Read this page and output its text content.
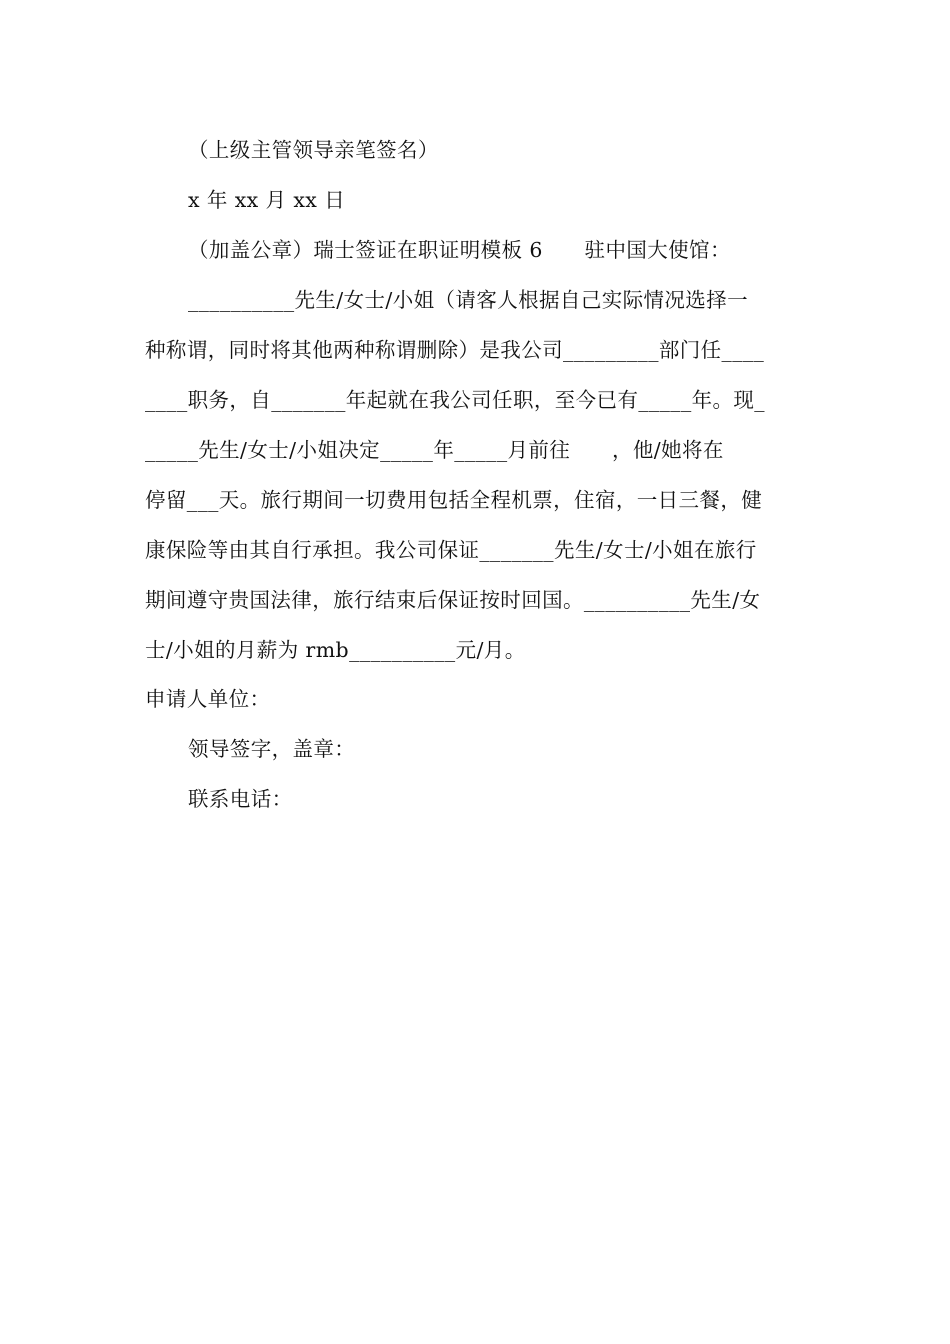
（上级主管领导亲笔签名）
x 年 xx 月 xx 日
（加盖公章）瑞士签证在职证明模板 6　　驻中国大使馆：
__________先生/女士/小姐（请客人根据自己实际情况选择一
种称谓，同时将其他两种称谓删除）是我公司_________部门任____
____职务，自_______年起就在我公司任职，至今已有_____年。现_
_____先生/女士/小姐决定_____年_____月前往　　，他/她将在
停留___天。旅行期间一切费用包括全程机票，住宿，一日三餐，健
康保险等由其自行承担。我公司保证_______先生/女士/小姐在旅行
期间遵守贵国法律，旅行结束后保证按时回国。__________先生/女
士/小姐的月薪为 rmb__________元/月。
申请人单位：
领导签字，盖章：
联系电话：
